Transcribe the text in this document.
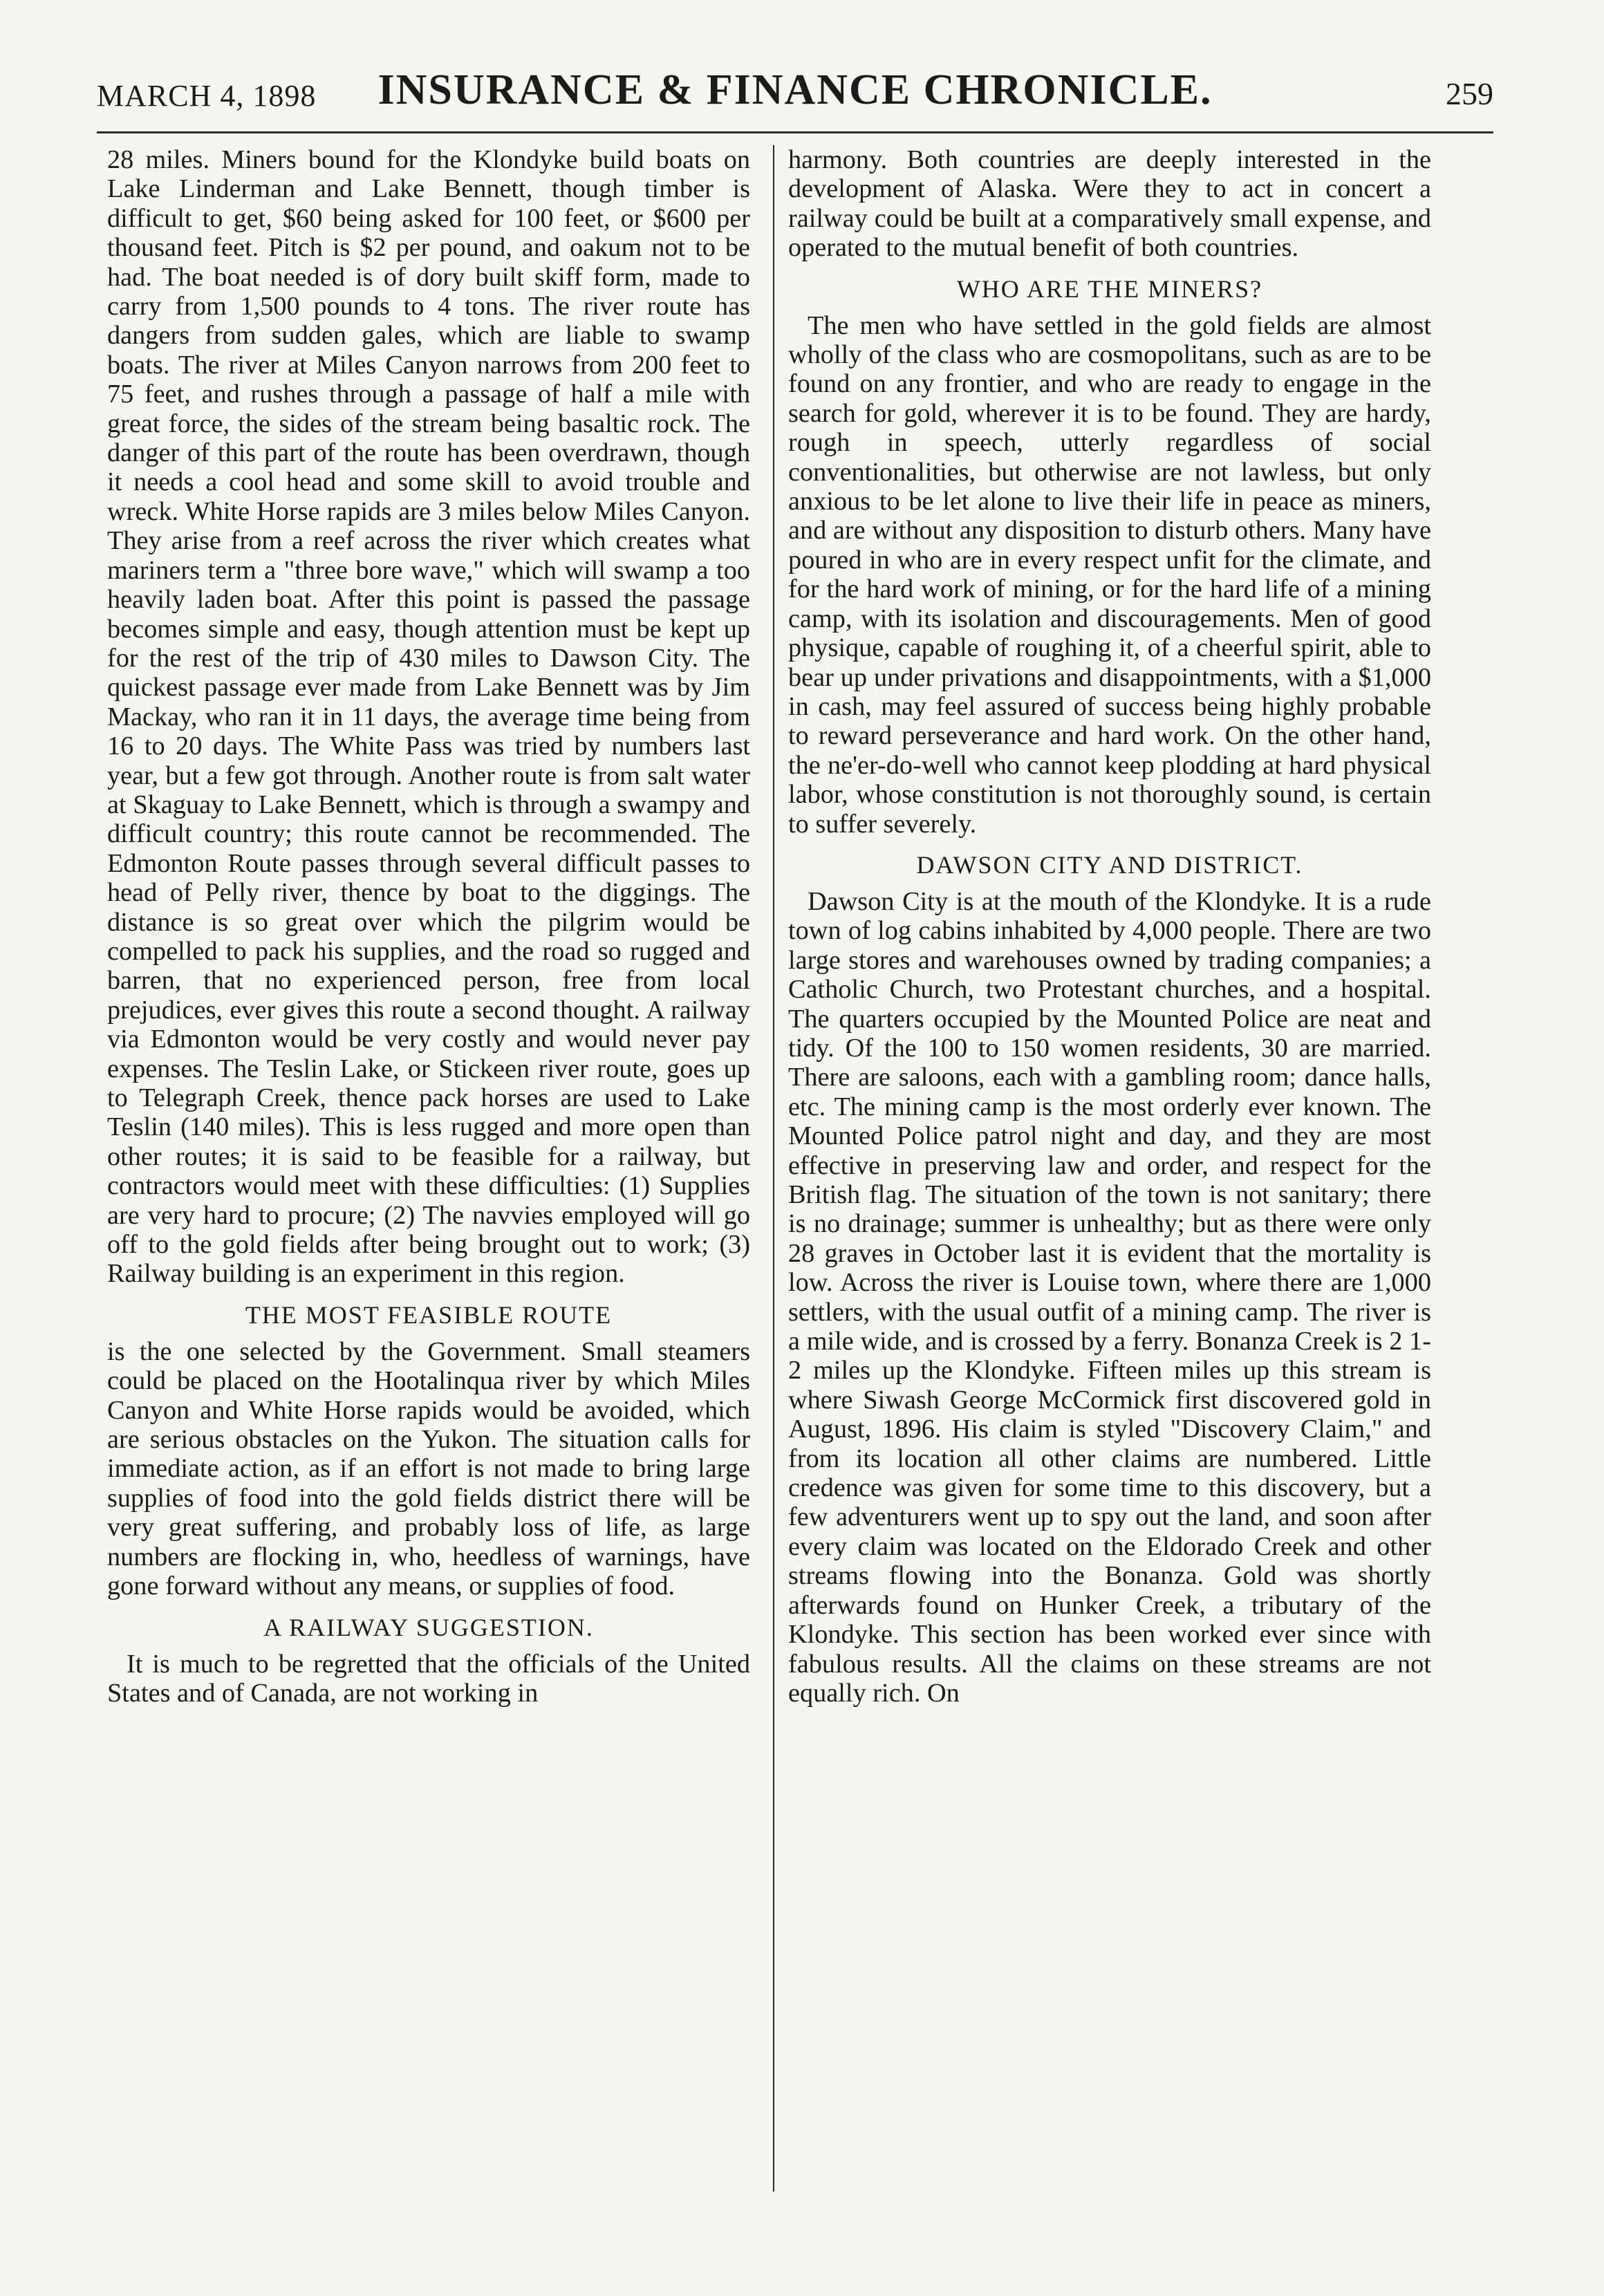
MARCH 4, 1898	INSURANCE & FINANCE CHRONICLE.	259

28 miles. Miners bound for the Klondyke build boats on Lake Linderman and Lake Bennett, though timber is difficult to get, $60 being asked for 100 feet, or $600 per thousand feet. Pitch is $2 per pound, and oakum not to be had. The boat needed is of dory built skiff form, made to carry from 1,500 pounds to 4 tons. The river route has dangers from sudden gales, which are liable to swamp boats. The river at Miles Canyon narrows from 200 feet to 75 feet, and rushes through a passage of half a mile with great force, the sides of the stream being basaltic rock. The danger of this part of the route has been overdrawn, though it needs a cool head and some skill to avoid trouble and wreck. White Horse rapids are 3 miles below Miles Canyon. They arise from a reef across the river which creates what mariners term a "three bore wave," which will swamp a too heavily laden boat. After this point is passed the passage becomes simple and easy, though attention must be kept up for the rest of the trip of 430 miles to Dawson City. The quickest passage ever made from Lake Bennett was by Jim Mackay, who ran it in 11 days, the average time being from 16 to 20 days. The White Pass was tried by numbers last year, but a few got through. Another route is from salt water at Skaguay to Lake Bennett, which is through a swampy and difficult country; this route cannot be recommended. The Edmonton Route passes through several difficult passes to head of Pelly river, thence by boat to the diggings. The distance is so great over which the pilgrim would be compelled to pack his supplies, and the road so rugged and barren, that no experienced person, free from local prejudices, ever gives this route a second thought. A railway via Edmonton would be very costly and would never pay expenses. The Teslin Lake, or Stickeen river route, goes up to Telegraph Creek, thence pack horses are used to Lake Teslin (140 miles). This is less rugged and more open than other routes; it is said to be feasible for a railway, but contractors would meet with these difficulties: (1) Supplies are very hard to procure; (2) The navvies employed will go off to the gold fields after being brought out to work; (3) Railway building is an experiment in this region.

THE MOST FEASIBLE ROUTE

is the one selected by the Government. Small steamers could be placed on the Hootalinqua river by which Miles Canyon and White Horse rapids would be avoided, which are serious obstacles on the Yukon. The situation calls for immediate action, as if an effort is not made to bring large supplies of food into the gold fields district there will be very great suffering, and probably loss of life, as large numbers are flocking in, who, heedless of warnings, have gone forward without any means, or supplies of food.

A RAILWAY SUGGESTION.

It is much to be regretted that the officials of the United States and of Canada, are not working in

harmony. Both countries are deeply interested in the development of Alaska. Were they to act in concert a railway could be built at a comparatively small expense, and operated to the mutual benefit of both countries.

WHO ARE THE MINERS?

The men who have settled in the gold fields are almost wholly of the class who are cosmopolitans, such as are to be found on any frontier, and who are ready to engage in the search for gold, wherever it is to be found. They are hardy, rough in speech, utterly regardless of social conventionalities, but otherwise are not lawless, but only anxious to be let alone to live their life in peace as miners, and are without any disposition to disturb others. Many have poured in who are in every respect unfit for the climate, and for the hard work of mining, or for the hard life of a mining camp, with its isolation and discouragements. Men of good physique, capable of roughing it, of a cheerful spirit, able to bear up under privations and disappointments, with a $1,000 in cash, may feel assured of success being highly probable to reward perseverance and hard work. On the other hand, the ne'er-do-well who cannot keep plodding at hard physical labor, whose constitution is not thoroughly sound, is certain to suffer severely.

DAWSON CITY AND DISTRICT.

Dawson City is at the mouth of the Klondyke. It is a rude town of log cabins inhabited by 4,000 people. There are two large stores and warehouses owned by trading companies; a Catholic Church, two Protestant churches, and a hospital. The quarters occupied by the Mounted Police are neat and tidy. Of the 100 to 150 women residents, 30 are married. There are saloons, each with a gambling room; dance halls, etc. The mining camp is the most orderly ever known. The Mounted Police patrol night and day, and they are most effective in preserving law and order, and respect for the British flag. The situation of the town is not sanitary; there is no drainage; summer is unhealthy; but as there were only 28 graves in October last it is evident that the mortality is low. Across the river is Louise town, where there are 1,000 settlers, with the usual outfit of a mining camp. The river is a mile wide, and is crossed by a ferry. Bonanza Creek is 2 1-2 miles up the Klondyke. Fifteen miles up this stream is where Siwash George McCormick first discovered gold in August, 1896. His claim is styled "Discovery Claim," and from its location all other claims are numbered. Little credence was given for some time to this discovery, but a few adventurers went up to spy out the land, and soon after every claim was located on the Eldorado Creek and other streams flowing into the Bonanza. Gold was shortly afterwards found on Hunker Creek, a tributary of the Klondyke. This section has been worked ever since with fabulous results. All the claims on these streams are not equally rich. On
